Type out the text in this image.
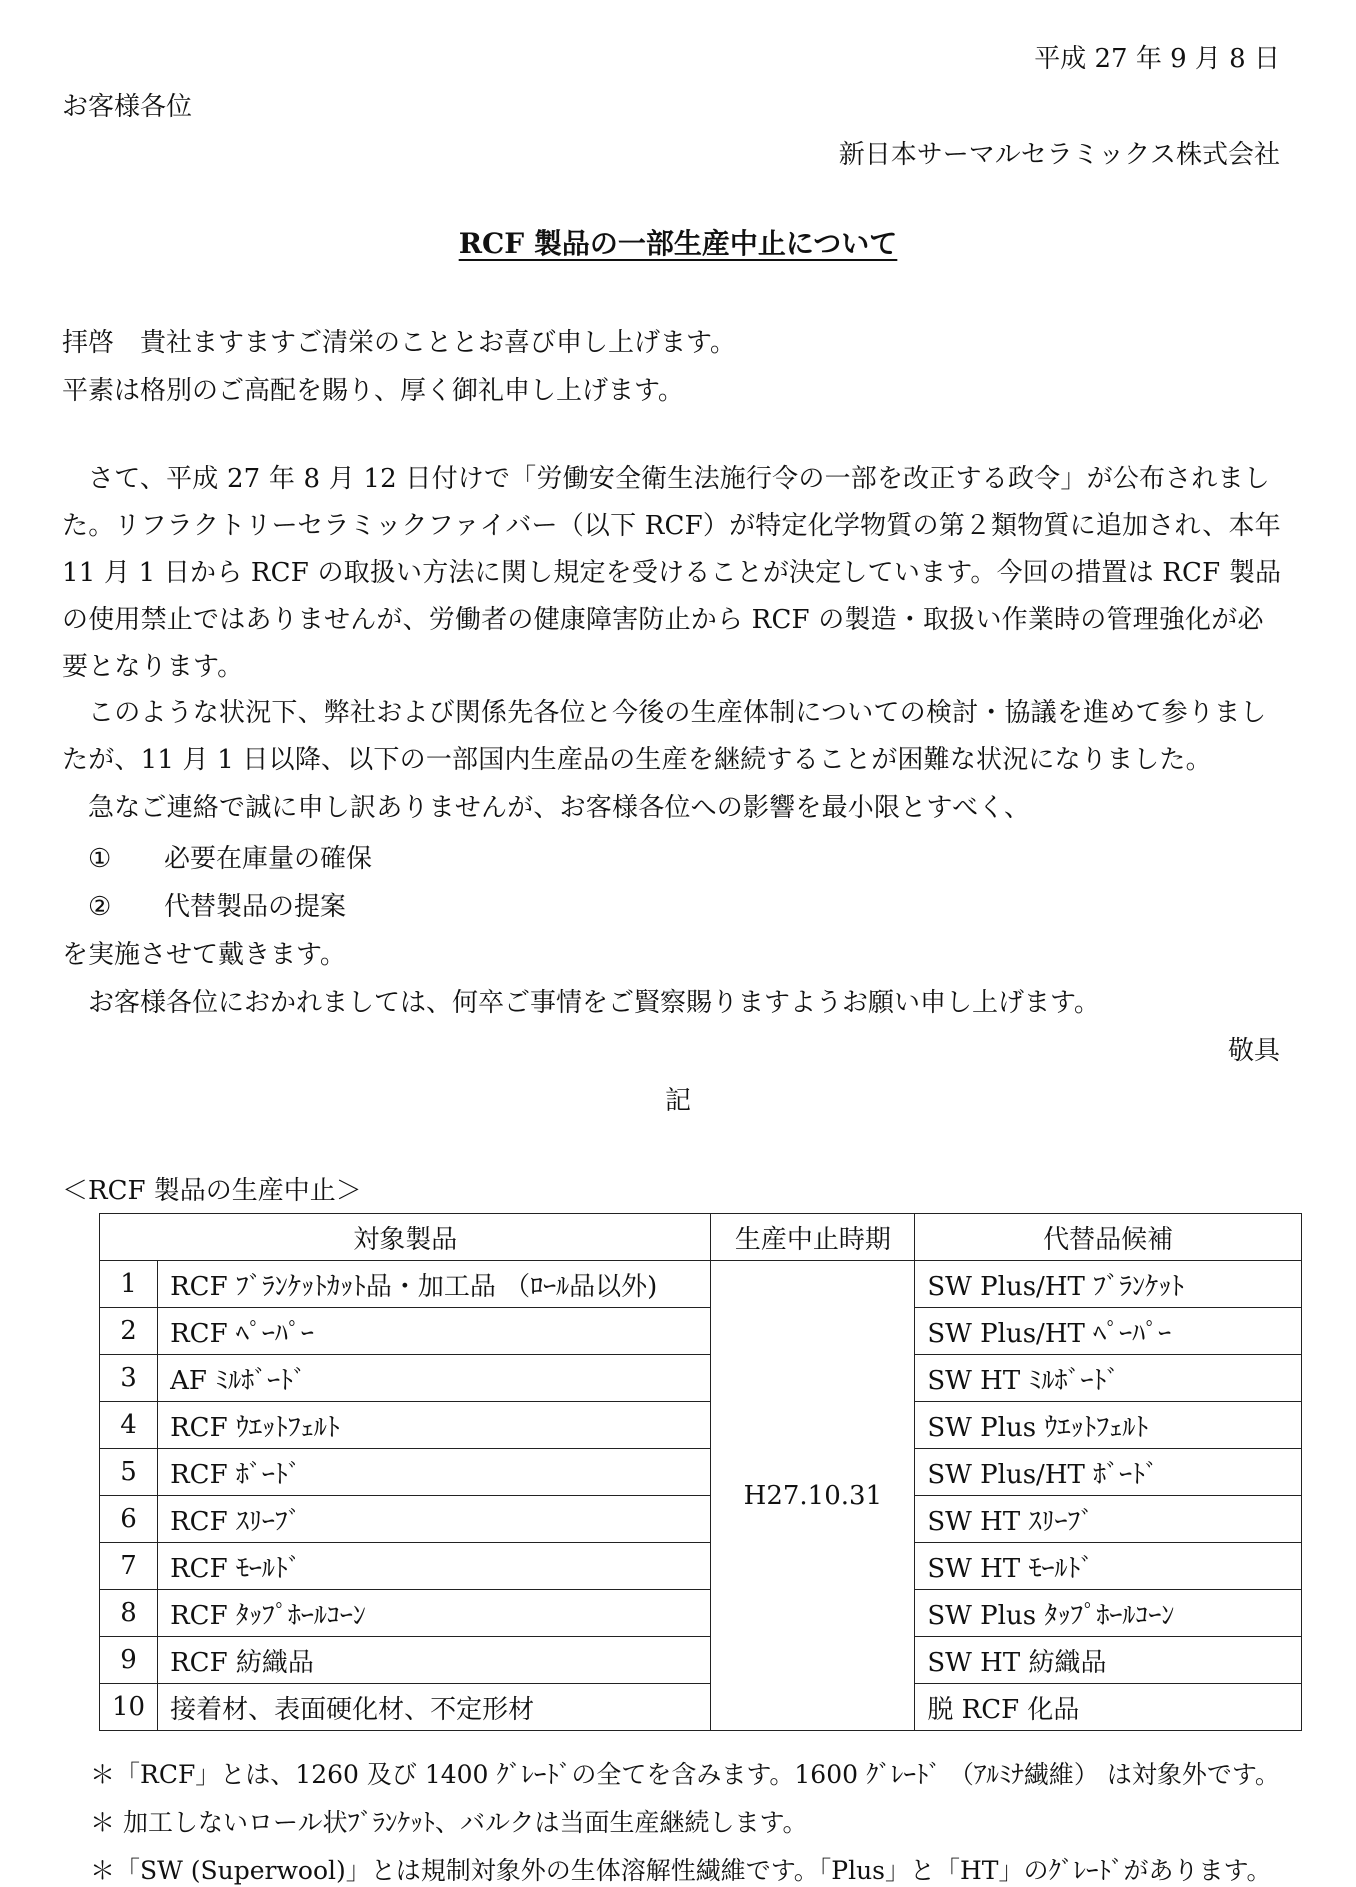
平成 27 年 9 月 8 日
お客様各位
新日本サーマルセラミックス株式会社
RCF 製品の一部生産中止について
拝啓　貴社ますますご清栄のこととお喜び申し上げます。
平素は格別のご高配を賜り、厚く御礼申し上げます。
さて、平成 27 年 8 月 12 日付けで「労働安全衛生法施行令の一部を改正する政令」が公布されました。リフラクトリーセラミックファイバー（以下 RCF）が特定化学物質の第２類物質に追加され、本年 11 月 1 日から RCF の取扱い方法に関し規定を受けることが決定しています。今回の措置は RCF 製品の使用禁止ではありませんが、労働者の健康障害防止から RCF の製造・取扱い作業時の管理強化が必要となります。
このような状況下、弊社および関係先各位と今後の生産体制についての検討・協議を進めて参りましたが、11 月 1 日以降、以下の一部国内生産品の生産を継続することが困難な状況になりました。
急なご連絡で誠に申し訳ありませんが、お客様各位への影響を最小限とすべく、
① 必要在庫量の確保
② 代替製品の提案
を実施させて戴きます。
お客様各位におかれましては、何卒ご事情をご賢察賜りますようお願い申し上げます。
敬具
記
＜RCF 製品の生産中止＞
対象製品		生産中止時期	代替品候補
1	RCF ﾌﾞﾗﾝｹｯﾄｶｯﾄ品・加工品 （ﾛｰﾙ品以外)	H27.10.31	SW Plus/HT ﾌﾞﾗﾝｹｯﾄ
2	RCF ﾍﾟｰﾊﾟｰ		SW Plus/HT ﾍﾟｰﾊﾟｰ
3	AF ﾐﾙﾎﾞｰﾄﾞ		SW HT ﾐﾙﾎﾞｰﾄﾞ
4	RCF ｳｴｯﾄﾌｪﾙﾄ		SW Plus ｳｴｯﾄﾌｪﾙﾄ
5	RCF ﾎﾞｰﾄﾞ		SW Plus/HT ﾎﾞｰﾄﾞ
6	RCF ｽﾘｰﾌﾞ		SW HT ｽﾘｰﾌﾞ
7	RCF ﾓｰﾙﾄﾞ		SW HT ﾓｰﾙﾄﾞ
8	RCF ﾀｯﾌﾟﾎｰﾙｺｰﾝ		SW Plus ﾀｯﾌﾟﾎｰﾙｺｰﾝ
9	RCF 紡織品		SW HT 紡織品
10	接着材、表面硬化材、不定形材		脱 RCF 化品
＊「RCF」とは、1260 及び 1400 ｸﾞﾚｰﾄﾞの全てを含みます。1600 ｸﾞﾚｰﾄﾞ （ｱﾙﾐﾅ繊維） は対象外です。
＊ 加工しないロール状ﾌﾞﾗﾝｹｯﾄ、バルクは当面生産継続します。
＊「SW (Superwool)」とは規制対象外の生体溶解性繊維です。「Plus」と「HT」のｸﾞﾚｰﾄﾞがあります。
